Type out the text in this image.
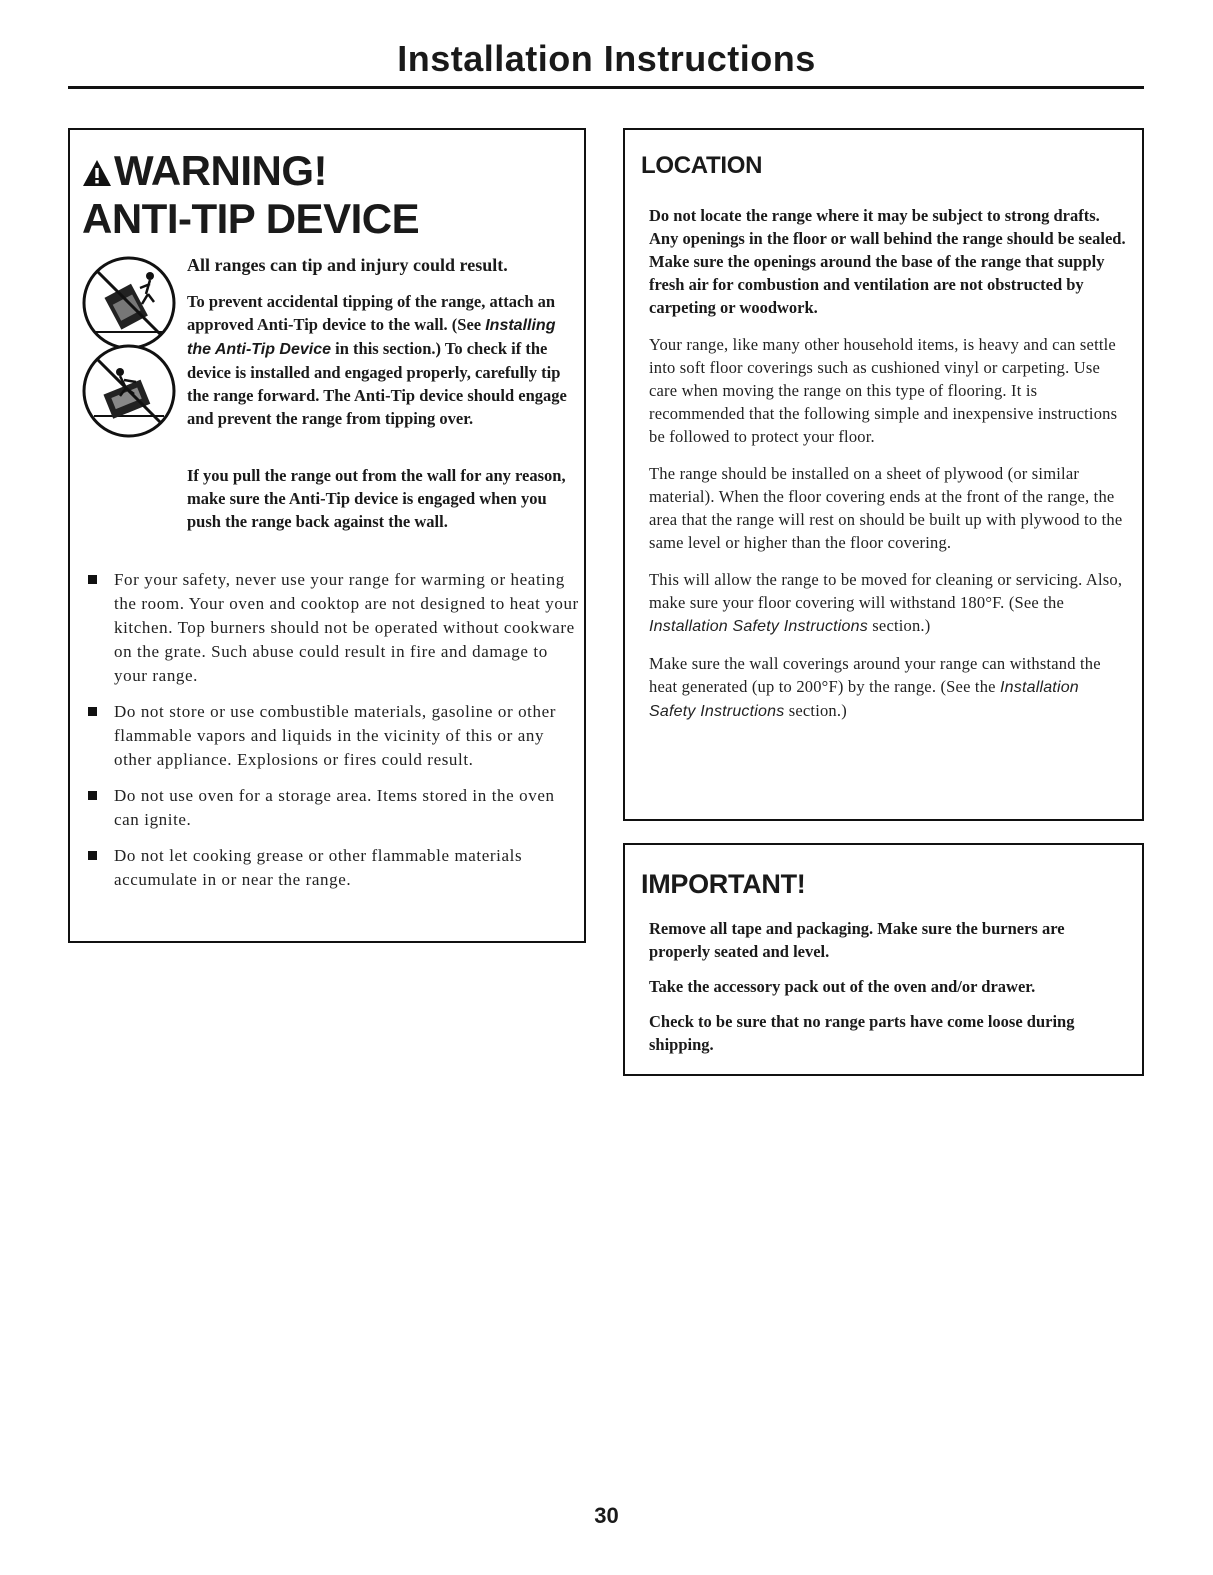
Installation Instructions
WARNING!
ANTI-TIP DEVICE

All ranges can tip and injury could result.

To prevent accidental tipping of the range, attach an approved Anti-Tip device to the wall. (See Installing the Anti-Tip Device in this section.) To check if the device is installed and engaged properly, carefully tip the range forward. The Anti-Tip device should engage and prevent the range from tipping over.

If you pull the range out from the wall for any reason, make sure the Anti-Tip device is engaged when you push the range back against the wall.

For your safety, never use your range for warming or heating the room. Your oven and cooktop are not designed to heat your kitchen. Top burners should not be operated without cookware on the grate. Such abuse could result in fire and damage to your range.
Do not store or use combustible materials, gasoline or other flammable vapors and liquids in the vicinity of this or any other appliance. Explosions or fires could result.
Do not use oven for a storage area. Items stored in the oven can ignite.
Do not let cooking grease or other flammable materials accumulate in or near the range.
LOCATION

Do not locate the range where it may be subject to strong drafts. Any openings in the floor or wall behind the range should be sealed. Make sure the openings around the base of the range that supply fresh air for combustion and ventilation are not obstructed by carpeting or woodwork.

Your range, like many other household items, is heavy and can settle into soft floor coverings such as cushioned vinyl or carpeting. Use care when moving the range on this type of flooring. It is recommended that the following simple and inexpensive instructions be followed to protect your floor.

The range should be installed on a sheet of plywood (or similar material). When the floor covering ends at the front of the range, the area that the range will rest on should be built up with plywood to the same level or higher than the floor covering.

This will allow the range to be moved for cleaning or servicing. Also, make sure your floor covering will withstand 180°F. (See the Installation Safety Instructions section.)

Make sure the wall coverings around your range can withstand the heat generated (up to 200°F) by the range. (See the Installation Safety Instructions section.)

IMPORTANT!

Remove all tape and packaging. Make sure the burners are properly seated and level.

Take the accessory pack out of the oven and/or drawer.

Check to be sure that no range parts have come loose during shipping.

30
